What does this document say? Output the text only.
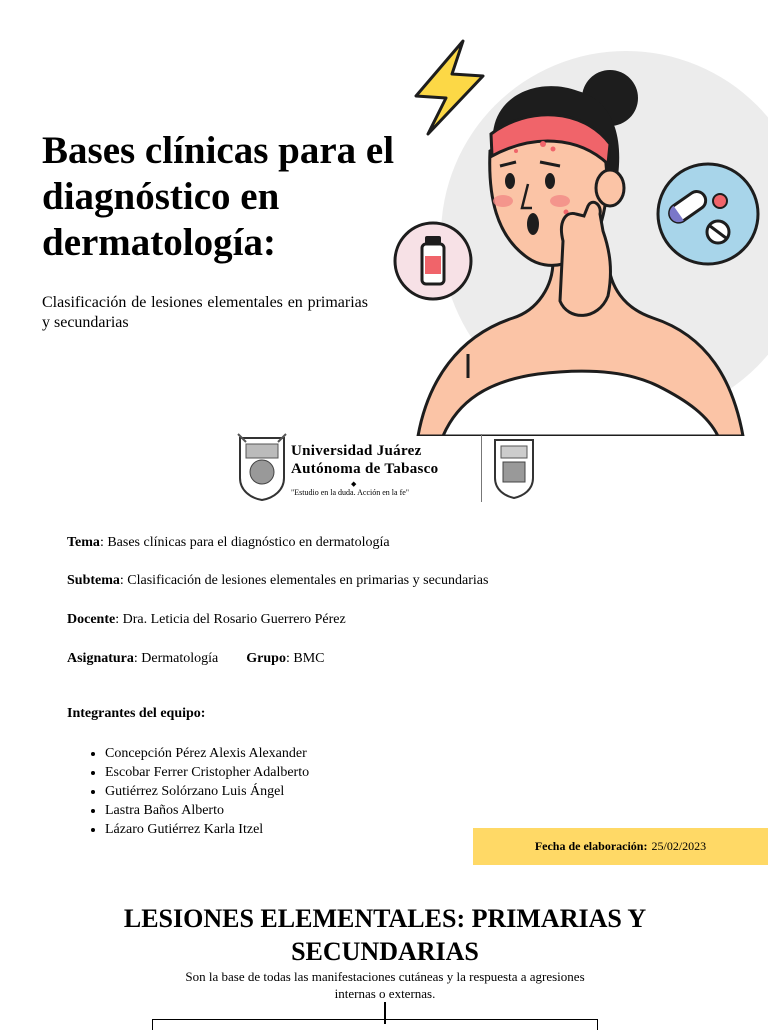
Bases clínicas para el diagnóstico en dermatología:

Clasificación de lesiones elementales en primarias y secundarias

Universidad Juárez
Autónoma de Tabasco
◆
"Estudio en la duda. Acción en la fe"
Tema: Bases clínicas para el diagnóstico en dermatología
Subtema: Clasificación de lesiones elementales en primarias y secundarias
Docente: Dra. Leticia del Rosario Guerrero Pérez
Asignatura: Dermatología Grupo: BMC
Integrantes del equipo:
• Concepción Pérez Alexis Alexander
• Escobar Ferrer Cristopher Adalberto
• Gutiérrez Solórzano Luis Ángel
• Lastra Baños Alberto
• Lázaro Gutiérrez Karla Itzel
Fecha de elaboración: 25/02/2023
LESIONES ELEMENTALES: PRIMARIAS Y SECUNDARIAS

Son la base de todas las manifestaciones cutáneas y la respuesta a agresiones internas o externas.
